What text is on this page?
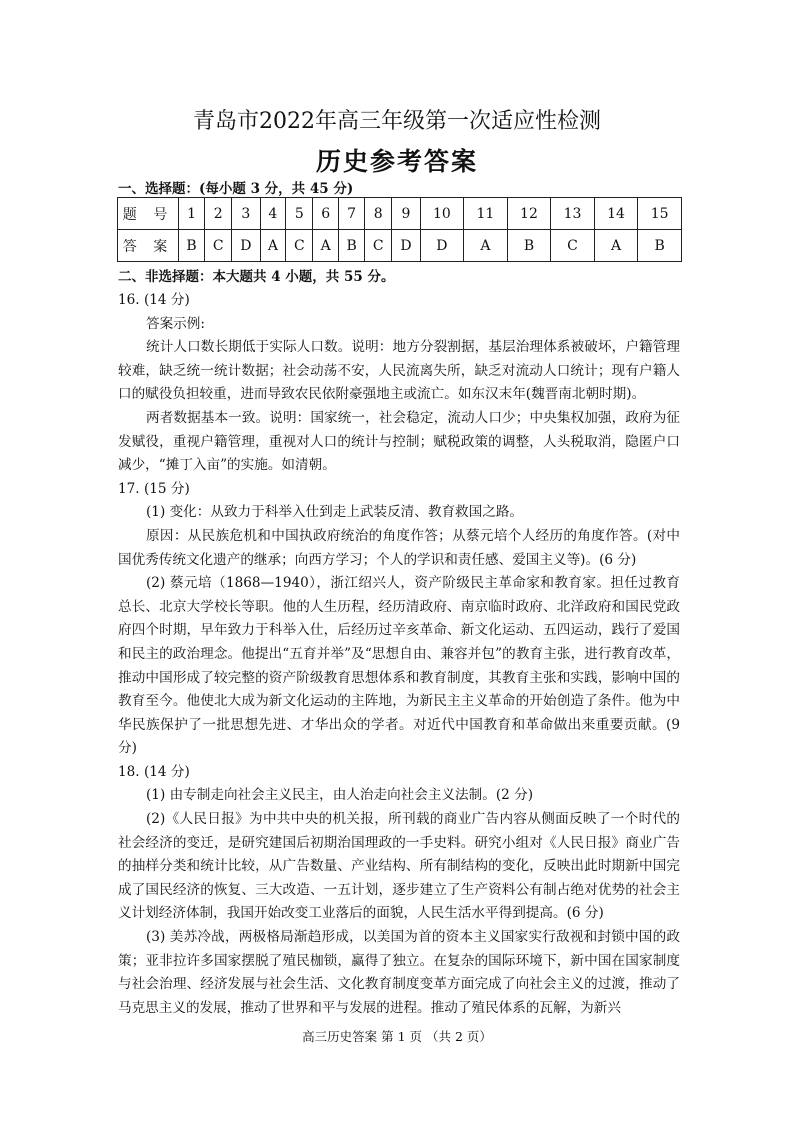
青岛市2022年高三年级第一次适应性检测
历史参考答案
一、选择题：(每小题 3 分，共 45 分)
题 号	1	2	3	4	5	6	7	8	9	10	11	12	13	14	15
答 案	B	C	D	A	C	A	B	C	D	D	A	B	C	A	B
二、非选择题：本大题共 4 小题，共 55 分。

16. (14 分)

答案示例:

统计人口数长期低于实际人口数。说明：地方分裂割据，基层治理体系被破坏，户籍管理较难，缺乏统一统计数据；社会动荡不安，人民流离失所，缺乏对流动人口统计；现有户籍人口的赋役负担较重，进而导致农民依附豪强地主或流亡。如东汉末年(魏晋南北朝时期)。

两者数据基本一致。说明：国家统一，社会稳定，流动人口少；中央集权加强，政府为征发赋役，重视户籍管理，重视对人口的统计与控制；赋税政策的调整，人头税取消，隐匿户口减少，“摊丁入亩”的实施。如清朝。

17. (15 分)

(1) 变化：从致力于科举入仕到走上武装反清、教育救国之路。

原因：从民族危机和中国执政府统治的角度作答；从蔡元培个人经历的角度作答。(对中国优秀传统文化遗产的继承；向西方学习；个人的学识和责任感、爱国主义等)。(6 分)

(2) 蔡元培（1868—1940），浙江绍兴人，资产阶级民主革命家和教育家。担任过教育总长、北京大学校长等职。他的人生历程，经历清政府、南京临时政府、北洋政府和国民党政府四个时期，早年致力于科举入仕，后经历过辛亥革命、新文化运动、五四运动，践行了爱国和民主的政治理念。他提出“五育并举”及“思想自由、兼容并包”的教育主张，进行教育改革，推动中国形成了较完整的资产阶级教育思想体系和教育制度，其教育主张和实践，影响中国的教育至今。他使北大成为新文化运动的主阵地，为新民主主义革命的开始创造了条件。他为中华民族保护了一批思想先进、才华出众的学者。对近代中国教育和革命做出来重要贡献。(9 分)

18. (14 分)

(1) 由专制走向社会主义民主，由人治走向社会主义法制。(2 分)

(2)《人民日报》为中共中央的机关报，所刊载的商业广告内容从侧面反映了一个时代的社会经济的变迁，是研究建国后初期治国理政的一手史料。研究小组对《人民日报》商业广告的抽样分类和统计比较，从广告数量、产业结构、所有制结构的变化，反映出此时期新中国完成了国民经济的恢复、三大改造、一五计划，逐步建立了生产资料公有制占绝对优势的社会主义计划经济体制，我国开始改变工业落后的面貌，人民生活水平得到提高。(6 分)

(3) 美苏冷战，两极格局渐趋形成，以美国为首的资本主义国家实行敌视和封锁中国的政策；亚非拉许多国家摆脱了殖民枷锁，赢得了独立。在复杂的国际环境下，新中国在国家制度与社会治理、经济发展与社会生活、文化教育制度变革方面完成了向社会主义的过渡，推动了马克思主义的发展，推动了世界和平与发展的进程。推动了殖民体系的瓦解，为新兴

高三历史答案 第 1 页 （共 2 页）
